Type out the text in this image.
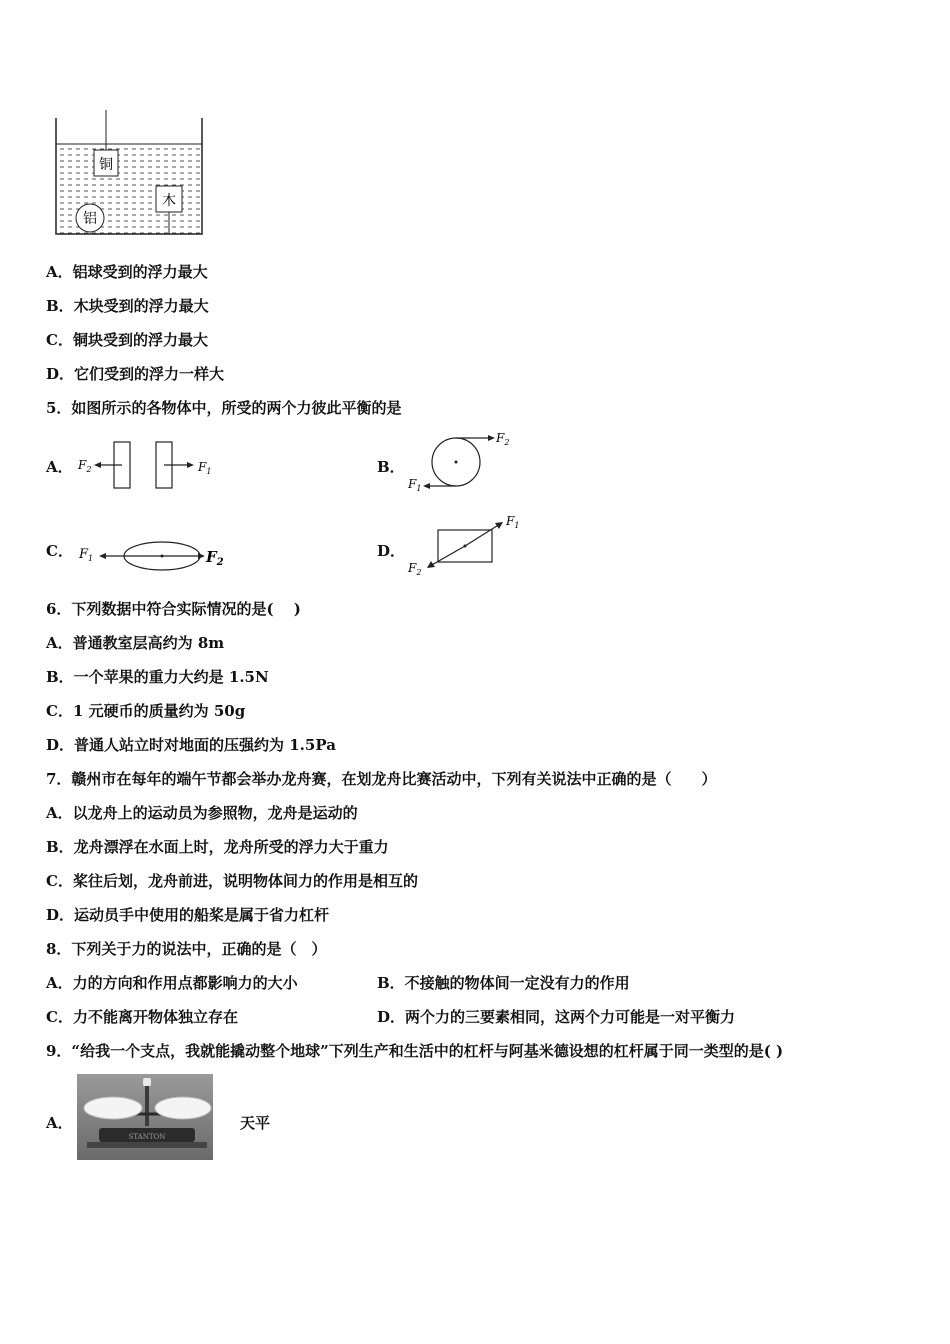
铜
木
铝
A．铝球受到的浮力最大
B．木块受到的浮力最大
C．铜块受到的浮力最大
D．它们受到的浮力一样大
5．如图所示的各物体中，所受的两个力彼此平衡的是
A． $F_2$	$F_1$	B．
$F_2$
$F_1$
C． $F_1$	$F_2$
D．
$F_1$
$F_2$
6．下列数据中符合实际情况的是(　 )
A．普通教室层高约为 8m
B．一个苹果的重力大约是 1.5N
C．1 元硬币的质量约为 50g
D．普通人站立时对地面的压强约为 1.5Pa
7．赣州市在每年的端午节都会举办龙舟赛，在划龙舟比赛活动中，下列有关说法中正确的是（　　）
A．以龙舟上的运动员为参照物，龙舟是运动的
B．龙舟漂浮在水面上时，龙舟所受的浮力大于重力
C．桨往后划，龙舟前进，说明物体间力的作用是相互的
D．运动员手中使用的船桨是属于省力杠杆
8．下列关于力的说法中，正确的是（　）
A．力的方向和作用点都影响力的大小	B．不接触的物体间一定没有力的作用
C．力不能离开物体独立存在	D．两个力的三要素相同，这两个力可能是一对平衡力
9．“给我一个支点，我就能撬动整个地球”下列生产和生活中的杠杆与阿基米德设想的杠杆属于同一类型的是( )
A．
STANTON
天平
